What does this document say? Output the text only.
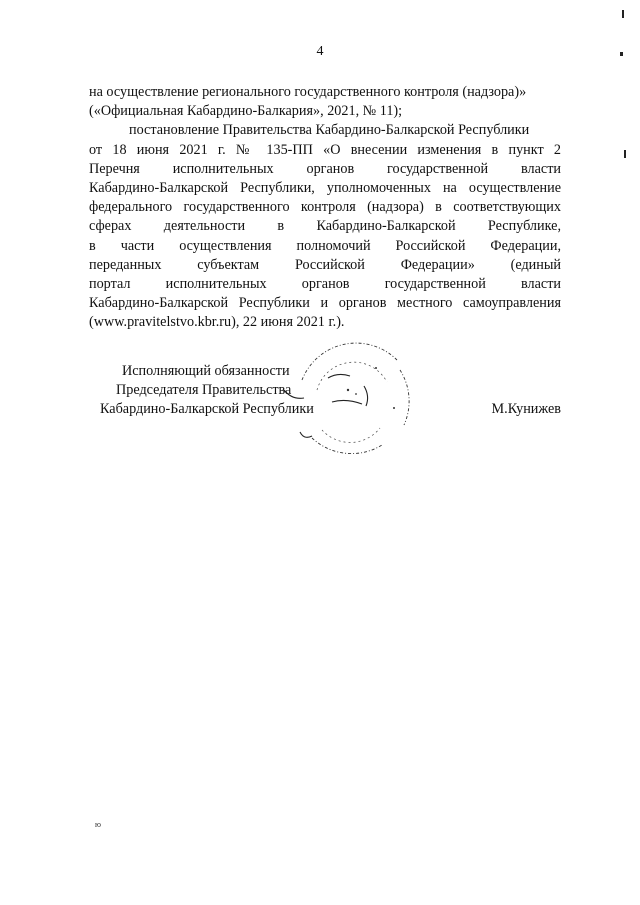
4
на осуществление регионального государственного контроля (надзора)»
(«Официальная Кабардино-Балкария», 2021, № 11);
постановление Правительства Кабардино-Балкарской Республики
от 18 июня 2021 г. № 135-ПП «О внесении изменения в пункт 2
Перечня исполнительных органов государственной власти
Кабардино-Балкарской Республики, уполномоченных на осуществление
федерального государственного контроля (надзора) в соответствующих
сферах деятельности в Кабардино-Балкарской Республике,
в части осуществления полномочий Российской Федерации,
переданных субъектам Российской Федерации» (единый
портал исполнительных органов государственной власти
Кабардино-Балкарской Республики и органов местного самоуправления
(www.pravitelstvo.kbr.ru), 22 июня 2021 г.).
Исполняющий обязанности
Председателя Правительства
Кабардино-Балкарской Республики	М.Кунижев
ю
